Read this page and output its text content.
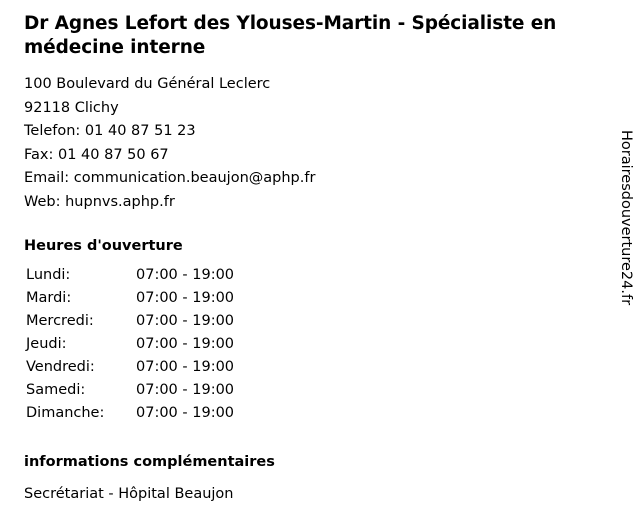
Dr Agnes Lefort des Ylouses-Martin - Spécialiste en médecine interne
100 Boulevard du Général Leclerc
92118 Clichy
Telefon: 01 40 87 51 23
Fax: 01 40 87 50 67
Email: communication.beaujon@aphp.fr
Web: hupnvs.aphp.fr
Heures d'ouverture
Lundi:	07:00 - 19:00
Mardi:	07:00 - 19:00
Mercredi:	07:00 - 19:00
Jeudi:	07:00 - 19:00
Vendredi:	07:00 - 19:00
Samedi:	07:00 - 19:00
Dimanche:	07:00 - 19:00
informations complémentaires
Secrétariat - Hôpital Beaujon
Horairesdouverture24.fr
